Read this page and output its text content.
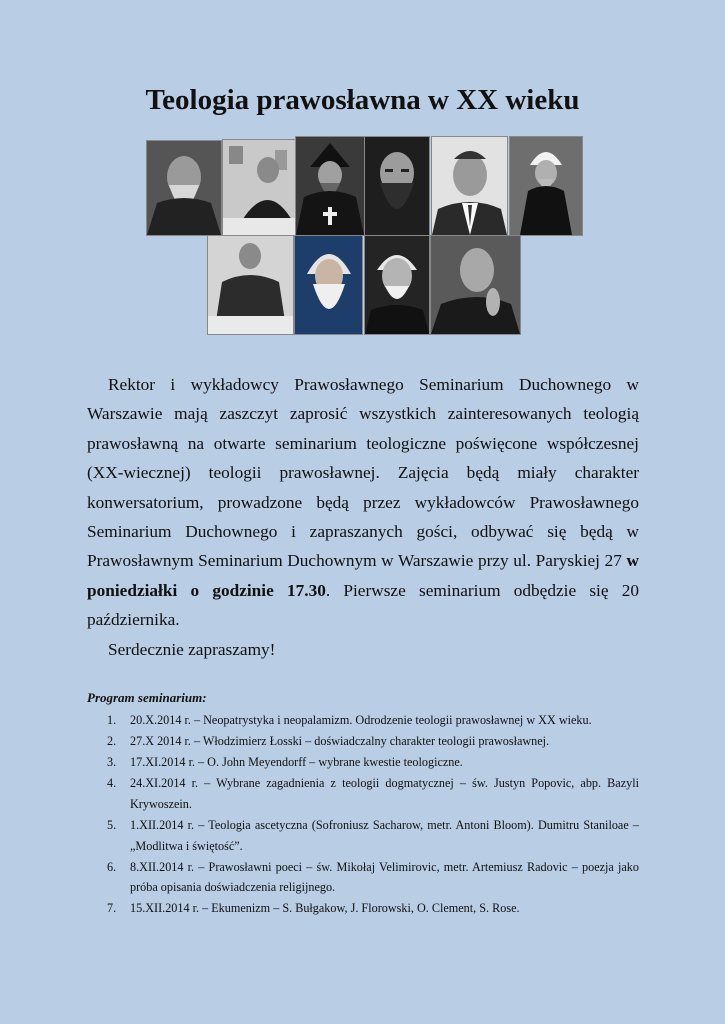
Teologia prawosławna w XX wieku

Rektor i wykładowcy Prawosławnego Seminarium Duchownego w Warszawie mają zaszczyt zaprosić wszystkich zainteresowanych teologią prawosławną na otwarte seminarium teologiczne poświęcone współczesnej (XX-wiecznej) teologii prawosławnej. Zajęcia będą miały charakter konwersatorium, prowadzone będą przez wykładowców Prawosławnego Seminarium Duchownego i zapraszanych gości, odbywać się będą w Prawosławnym Seminarium Duchownym w Warszawie przy ul. Paryskiej 27 w poniedziałki o godzinie 17.30. Pierwsze seminarium odbędzie się 20 października.

Serdecznie zapraszamy!

Program seminarium:
1. 20.X.2014 r. – Neopatrystyka i neopalamizm. Odrodzenie teologii prawosławnej w XX wieku.
2. 27.X 2014 r. – Włodzimierz Łosski – doświadczalny charakter teologii prawosławnej.
3. 17.XI.2014 r. – O. John Meyendorff – wybrane kwestie teologiczne.
4. 24.XI.2014 r. – Wybrane zagadnienia z teologii dogmatycznej – św. Justyn Popovic, abp. Bazyli Krywoszein.
5. 1.XII.2014 r. – Teologia ascetyczna (Sofroniusz Sacharow, metr. Antoni Bloom). Dumitru Staniloae – „Modlitwa i świętość”.
6. 8.XII.2014 r. – Prawosławni poeci – św. Mikołaj Velimirovic, metr. Artemiusz Radovic – poezja jako próba opisania doświadczenia religijnego.
7. 15.XII.2014 r. – Ekumenizm – S. Bułgakow, J. Florowski, O. Clement, S. Rose.
